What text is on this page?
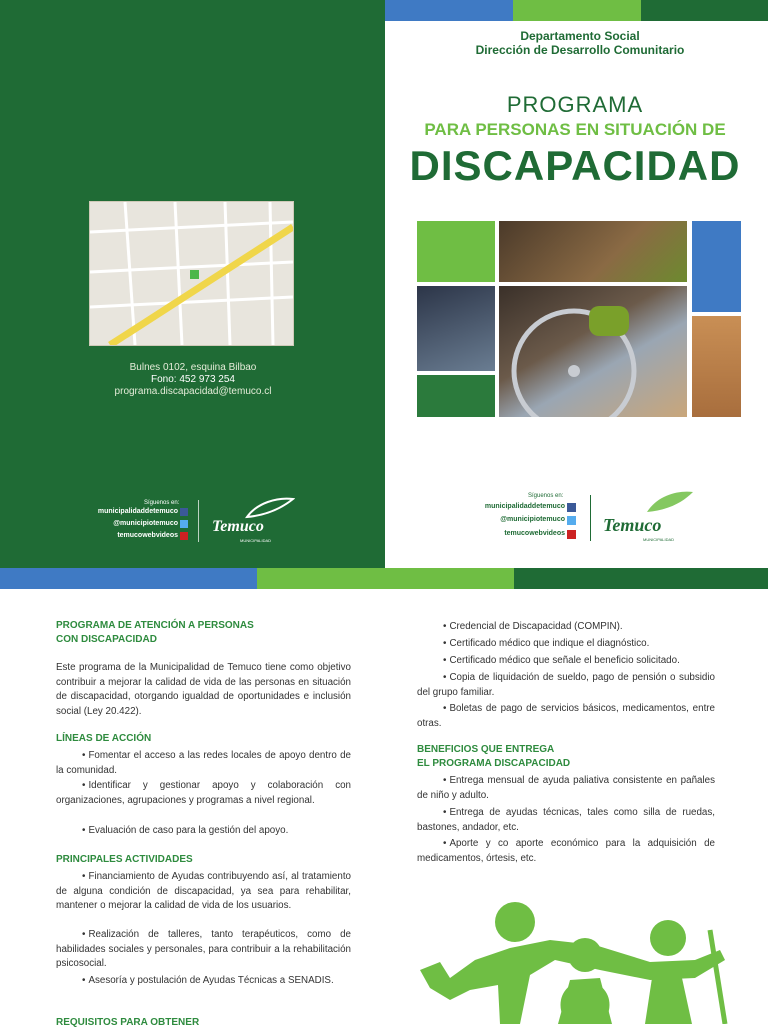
Bulnes 0102, esquina Bilbao
Fono: 452 973 254
programa.discapacidad@temuco.cl
Síguenos en:
municipalidaddetemuco
@municipiotemuco
temucowebvideos
Temuco
MUNICIPALIDAD
Departamento Social
Dirección de Desarrollo Comunitario
PROGRAMA
PARA PERSONAS EN SITUACIÓN DE
DISCAPACIDAD
Síguenos en:
municipalidaddetemuco
@municipiotemuco
temucowebvideos Temuco
MUNICIPALIDAD
PROGRAMA DE ATENCIÓN A PERSONAS
CON DISCAPACIDAD
Este programa de la Municipalidad de Temuco tiene como objetivo contribuir a mejorar la calidad de vida de las personas en situación de discapacidad, otorgando igualdad de oportunidades e inclusión social (Ley 20.422).
LÍNEAS DE ACCIÓN
• Fomentar el acceso a las redes locales de apoyo dentro de la comunidad.
• Identificar y gestionar apoyo y colaboración con organizaciones, agrupaciones y programas a nivel regional.
• Evaluación de caso para la gestión del apoyo.
PRINCIPALES ACTIVIDADES
• Financiamiento de Ayudas contribuyendo así, al tratamiento de alguna condición de discapacidad, ya sea para rehabilitar, mantener o mejorar la calidad de vida de los usuarios.
• Realización de talleres, tanto terapéuticos, como de habilidades sociales y personales, para contribuir a la rehabilitación psicosocial.
• Asesoría y postulación de Ayudas Técnicas a SENADIS.
REQUISITOS PARA OBTENER
• Credencial de Discapacidad (COMPIN).
• Certificado médico que indique el diagnóstico.
• Certificado médico que señale el beneficio solicitado.
• Copia de liquidación de sueldo, pago de pensión o subsidio del grupo familiar.
• Boletas de pago de servicios básicos, medicamentos, entre otras.
BENEFICIOS QUE ENTREGA
EL PROGRAMA DISCAPACIDAD
• Entrega mensual de ayuda paliativa consistente en pañales de niño y adulto.
• Entrega de ayudas técnicas, tales como silla de ruedas, bastones, andador, etc.
• Aporte y co aporte económico para la adquisición de medicamentos, órtesis, etc.
